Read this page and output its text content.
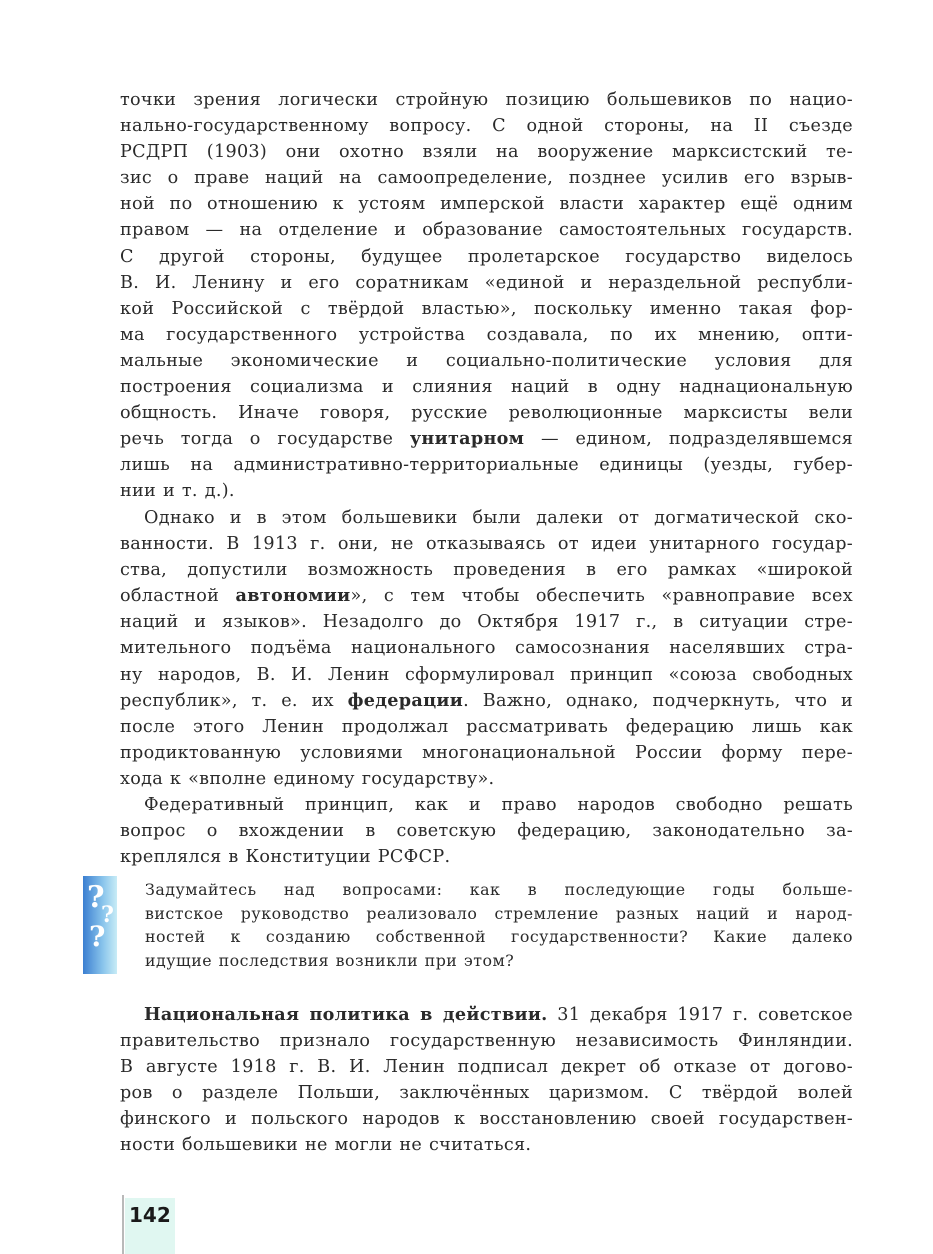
точки зрения логически стройную позицию большевиков по нацио-
нально-государственному вопросу. С одной стороны, на II съезде
РСДРП (1903) они охотно взяли на вооружение марксистский те-
зис о праве наций на самоопределение, позднее усилив его взрыв-
ной по отношению к устоям имперской власти характер ещё одним
правом — на отделение и образование самостоятельных государств.
С другой стороны, будущее пролетарское государство виделось
В. И. Ленину и его соратникам «единой и нераздельной республи-
кой Российской с твёрдой властью», поскольку именно такая фор-
ма государственного устройства создавала, по их мнению, опти-
мальные экономические и социально-политические условия для
построения социализма и слияния наций в одну наднациональную
общность. Иначе говоря, русские революционные марксисты вели
речь тогда о государстве унитарном — едином, подразделявшемся
лишь на административно-территориальные единицы (уезды, губер-
нии и т. д.).
Однако и в этом большевики были далеки от догматической ско-
ванности. В 1913 г. они, не отказываясь от идеи унитарного государ-
ства, допустили возможность проведения в его рамках «широкой
областной автономии», с тем чтобы обеспечить «равноправие всех
наций и языков». Незадолго до Октября 1917 г., в ситуации стре-
мительного подъёма национального самосознания населявших стра-
ну народов, В. И. Ленин сформулировал принцип «союза свободных
республик», т. е. их федерации. Важно, однако, подчеркнуть, что и
после этого Ленин продолжал рассматривать федерацию лишь как
продиктованную условиями многонациональной России форму пере-
хода к «вполне единому государству».
Федеративный принцип, как и право народов свободно решать
вопрос о вхождении в советскую федерацию, законодательно за-
креплялся в Конституции РСФСР.
?
?
?
Задумайтесь над вопросами: как в последующие годы больше-
вистское руководство реализовало стремление разных наций и народ-
ностей к созданию собственной государственности? Какие далеко
идущие последствия возникли при этом?
Национальная политика в действии. 31 декабря 1917 г. советское
правительство признало государственную независимость Финляндии.
В августе 1918 г. В. И. Ленин подписал декрет об отказе от догово-
ров о разделе Польши, заключённых царизмом. С твёрдой волей
финского и польского народов к восстановлению своей государствен-
ности большевики не могли не считаться.
142
